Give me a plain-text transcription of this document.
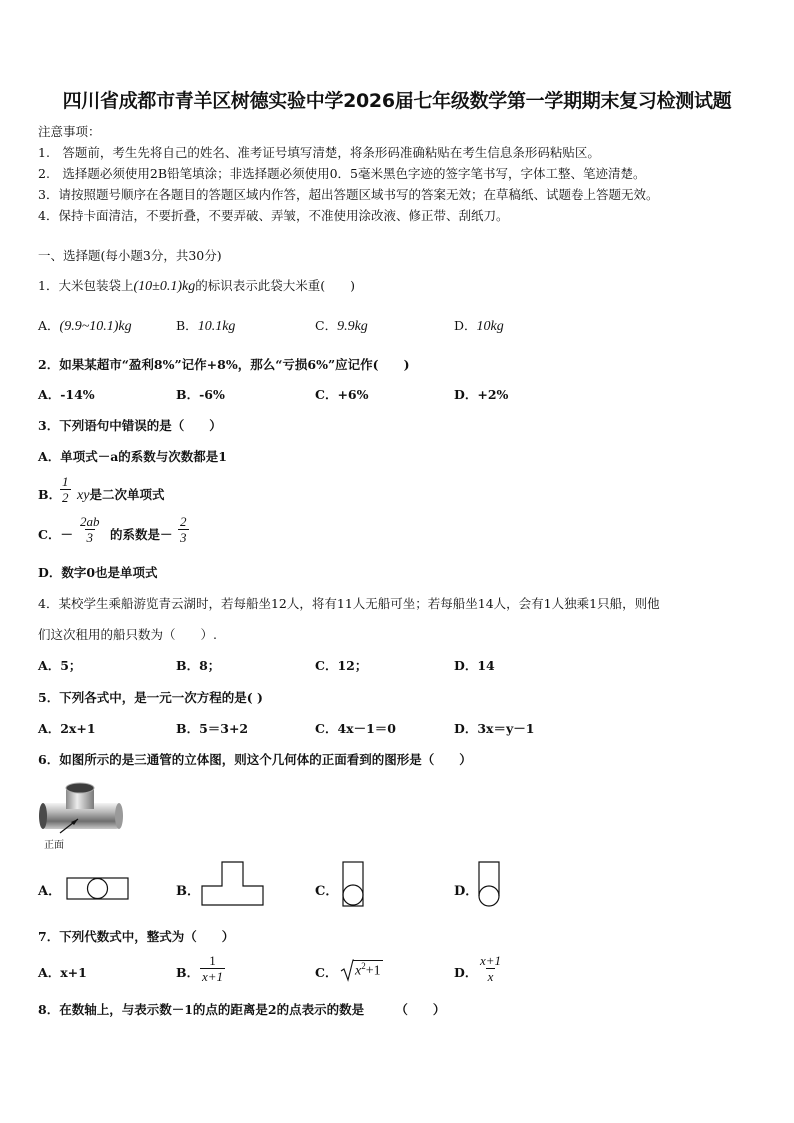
四川省成都市青羊区树德实验中学2026届七年级数学第一学期期末复习检测试题
注意事项：
1.　答题前，考生先将自己的姓名、准考证号填写清楚，将条形码准确粘贴在考生信息条形码粘贴区。
2.　选择题必须使用2B铅笔填涂；非选择题必须使用0．5毫米黑色字迹的签字笔书写，字体工整、笔迹清楚。
3．请按照题号顺序在各题目的答题区域内作答，超出答题区域书写的答案无效；在草稿纸、试题卷上答题无效。
4．保持卡面清洁，不要折叠，不要弄破、弄皱，不准使用涂改液、修正带、刮纸刀。
一、选择题(每小题3分，共30分)
1．大米包装袋上(10±0.1)kg的标识表示此袋大米重(　　)
A．(9.9~10.1)kg	B．10.1kg	C．9.9kg	D．10kg
2．如果某超市“盈利8%”记作+8%，那么“亏损6%”应记作(　　)
A．-14%	B．-6%	C．+6%	D．+2%
3．下列语句中错误的是（　　）
A．单项式－a的系数与次数都是1
B．
$\frac{1}{2}$ xy是二次单项式
C．－ $\frac{2ab}{3}$ 的系数是－ $\frac{2}{3}$
D．数字0也是单项式
4．某校学生乘船游览青云湖时，若每船坐12人，将有11人无船可坐；若每船坐14人，会有1人独乘1只船，则他
们这次租用的船只数为（　　）.
A．5；	B．8；	C．12；	D．14
5．下列各式中，是一元一次方程的是( )
A．2x+1	B．5＝3+2	C．4x－1＝0	D．3x＝y－1
6．如图所示的是三通管的立体图，则这个几何体的正面看到的图形是（　　）
正面
A．	B．	C．	D．
7．下列代数式中，整式为（　　）
A．x+1	B． $\frac{1}{x+1}$	C． $x^2+1$	D． $\frac{x+1}{x}$
8．在数轴上，与表示数－1的点的距离是2的点表示的数是　　　（　　）
